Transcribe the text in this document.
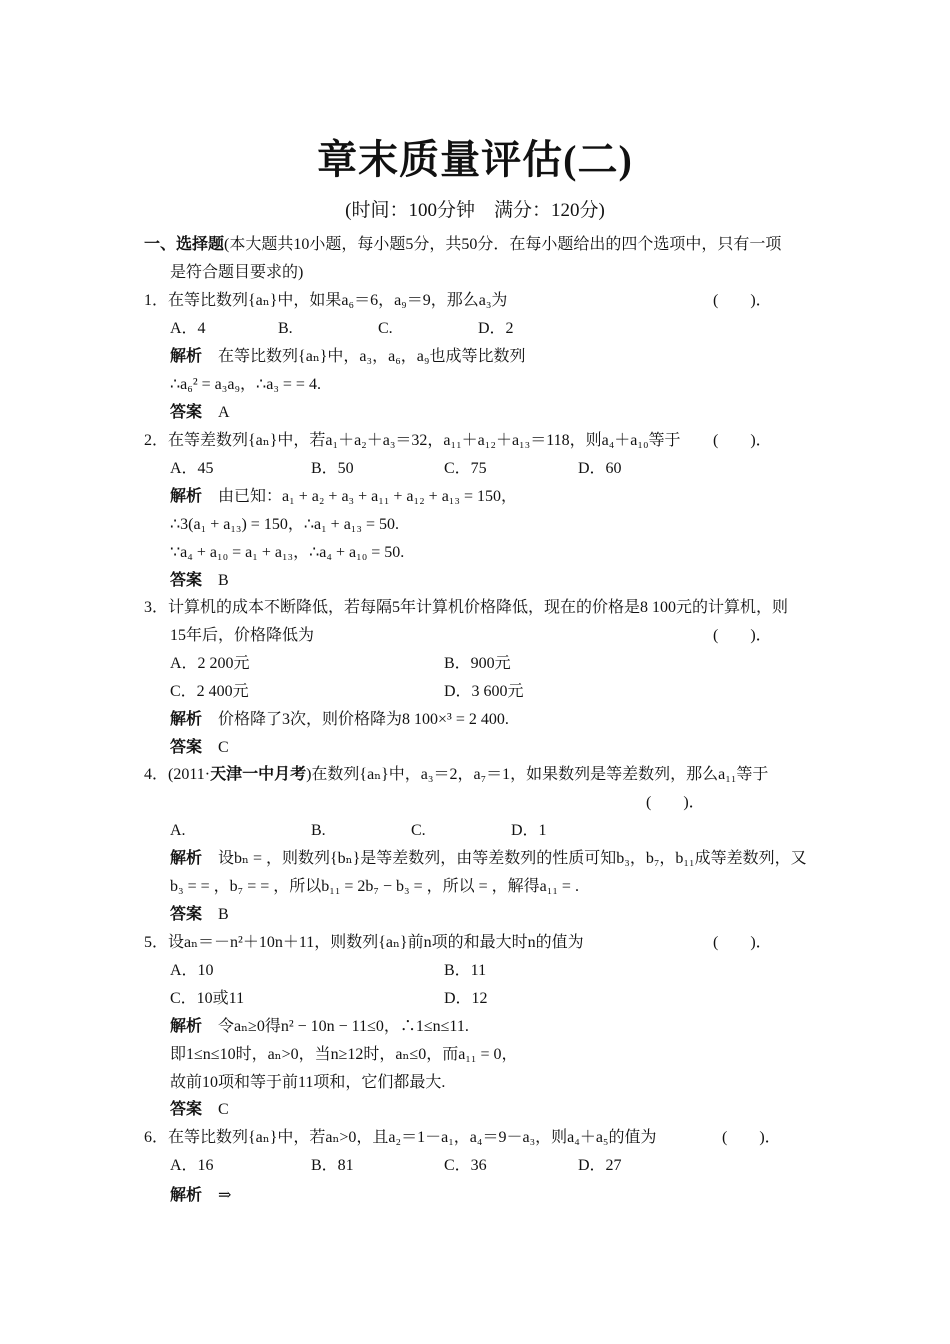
章末质量评估(二)
(时间：100分钟　满分：120分)
一、选择题(本大题共10小题，每小题5分，共50分．在每小题给出的四个选项中，只有一项
是符合题目要求的)
1．在等比数列{aₙ}中，如果a₆＝6，a₉＝9，那么a₃为	(　　)．
A．4	B.	C.	D．2
解析　 在等比数列{aₙ}中，a₃，a₆，a₉也成等比数列
∴a₆² = a₃a₉，∴a₃ = = 4.
答案　 A
2．在等差数列{aₙ}中，若a₁＋a₂＋a₃＝32，a₁₁＋a₁₂＋a₁₃＝118，则a₄＋a₁₀等于 (　　)．
A．45	B．50	C．75	D．60
解析　 由已知：a₁ + a₂ + a₃ + a₁₁ + a₁₂ + a₁₃ = 150，
∴3(a₁ + a₁₃) = 150，∴a₁ + a₁₃ = 50.
∵a₄ + a₁₀ = a₁ + a₁₃，∴a₄ + a₁₀ = 50.
答案　 B
3．计算机的成本不断降低，若每隔5年计算机价格降低，现在的价格是8 100元的计算机，则
15年后，价格降低为	(　　)．
A．2 200元	B．900元
C．2 400元	D．3 600元
解析　 价格降了3次，则价格降为8 100×³ = 2 400.
答案　 C
4．(2011·天津一中月考)在数列{aₙ}中，a₃＝2，a₇＝1，如果数列是等差数列，那么a₁₁等于
(　　)．
A.	B.	C.	D．1
解析　 设bₙ = ，则数列{bₙ}是等差数列，由等差数列的性质可知b₃，b₇，b₁₁成等差数列，又
b₃ = = ，b₇ = = ，所以b₁₁ = 2b₇ − b₃ = ，所以 = ，解得a₁₁ = .
答案　 B
5．设aₙ＝－n²＋10n＋11，则数列{aₙ}前n项的和最大时n的值为	(　　)．
A．10	B．11
C．10或11	D．12
解析　 令aₙ≥0得n² − 10n − 11≤0，∴1≤n≤11.
即1≤n≤10时，aₙ>0，当n≥12时，aₙ≤0，而a₁₁ = 0，
故前10项和等于前11项和，它们都最大.
答案　 C
6．在等比数列{aₙ}中，若aₙ>0，且a₂＝1－a₁，a₄＝9－a₃，则a₄＋a₅的值为	(　　)．
A．16	B．81	C．36	D．27
解析　 ⇒
